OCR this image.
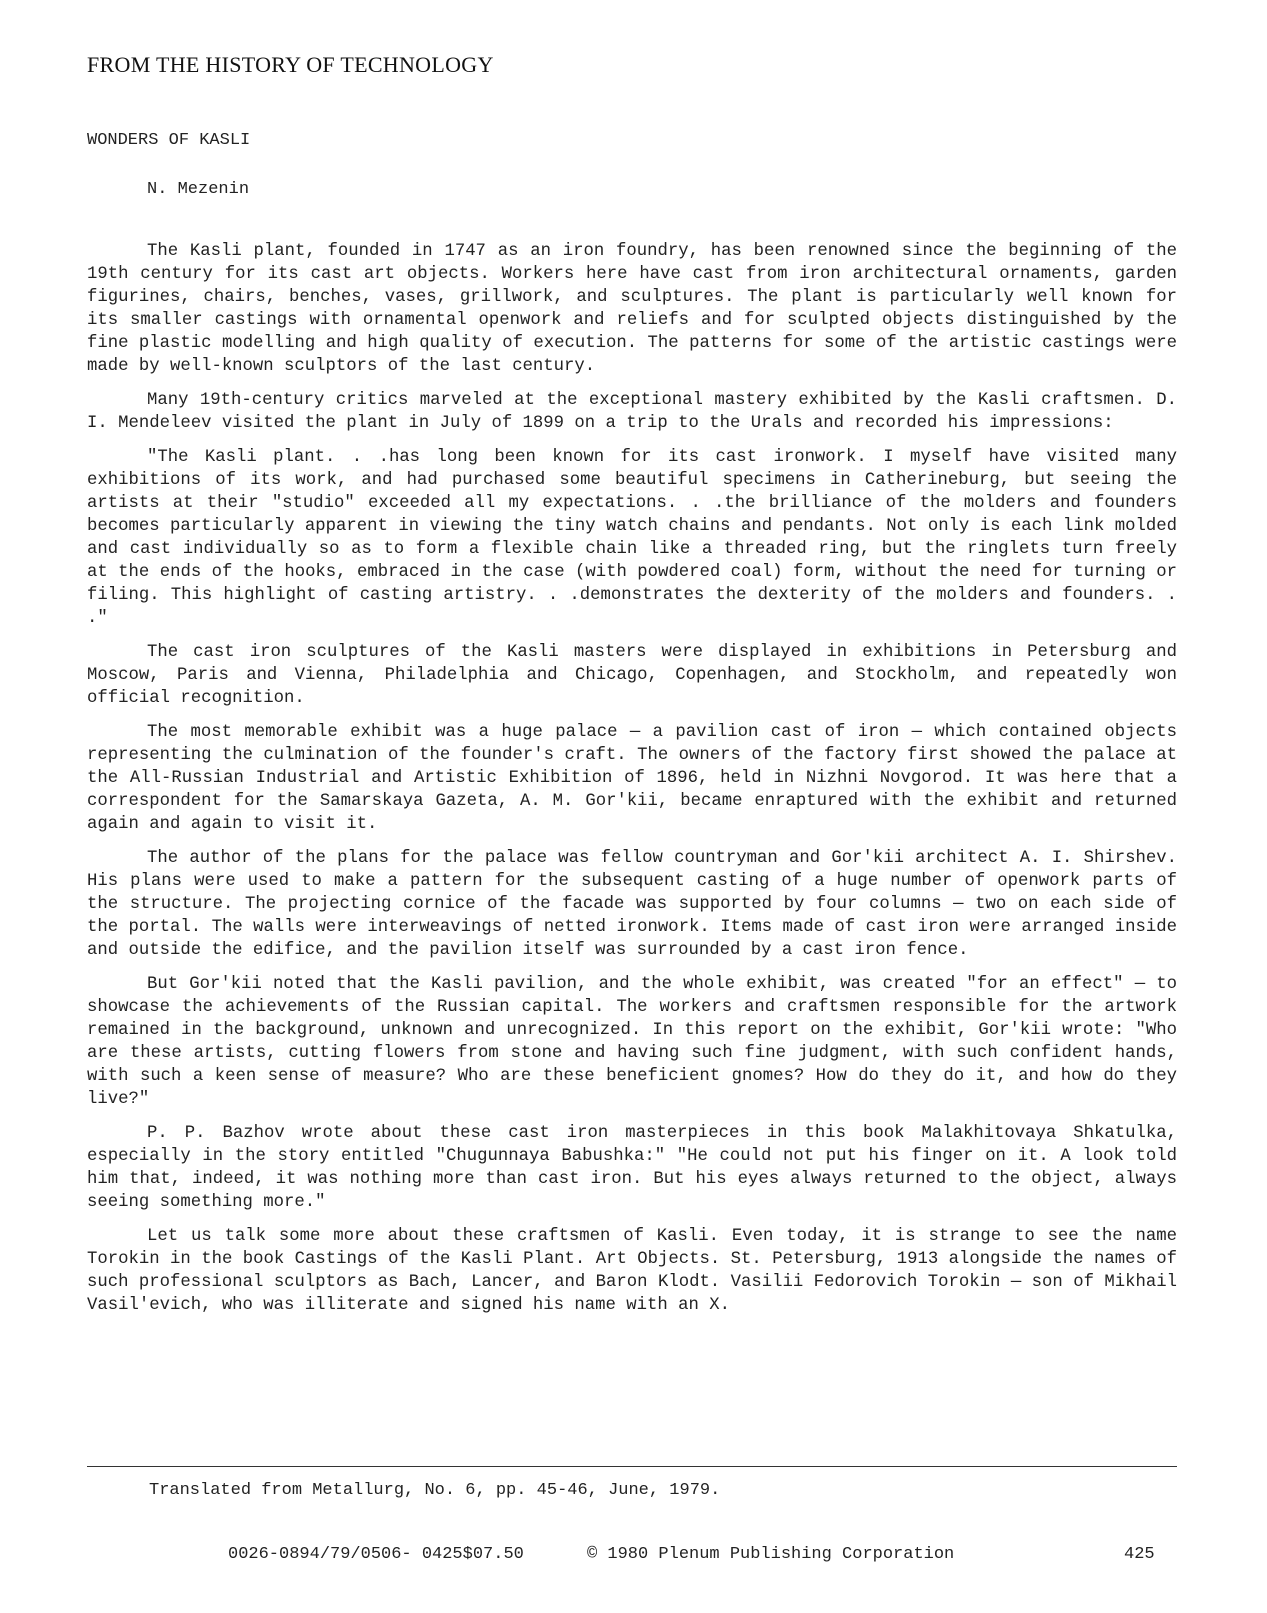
FROM THE HISTORY OF TECHNOLOGY
WONDERS OF KASLI
N. Mezenin

The Kasli plant, founded in 1747 as an iron foundry, has been renowned since the beginning of the 19th century for its cast art objects. Workers here have cast from iron architectural ornaments, garden figurines, chairs, benches, vases, grillwork, and sculptures. The plant is particularly well known for its smaller castings with ornamental openwork and reliefs and for sculpted objects distinguished by the fine plastic modelling and high quality of execution. The patterns for some of the artistic castings were made by well-known sculptors of the last century.

Many 19th-century critics marveled at the exceptional mastery exhibited by the Kasli craftsmen. D. I. Mendeleev visited the plant in July of 1899 on a trip to the Urals and recorded his impressions:

"The Kasli plant. . .has long been known for its cast ironwork. I myself have visited many exhibitions of its work, and had purchased some beautiful specimens in Catherineburg, but seeing the artists at their "studio" exceeded all my expectations. . .the brilliance of the molders and founders becomes particularly apparent in viewing the tiny watch chains and pendants. Not only is each link molded and cast individually so as to form a flexible chain like a threaded ring, but the ringlets turn freely at the ends of the hooks, embraced in the case (with powdered coal) form, without the need for turning or filing. This highlight of casting artistry. . .demonstrates the dexterity of the molders and founders. . ."

The cast iron sculptures of the Kasli masters were displayed in exhibitions in Petersburg and Moscow, Paris and Vienna, Philadelphia and Chicago, Copenhagen, and Stockholm, and repeatedly won official recognition.

The most memorable exhibit was a huge palace — a pavilion cast of iron — which contained objects representing the culmination of the founder's craft. The owners of the factory first showed the palace at the All-Russian Industrial and Artistic Exhibition of 1896, held in Nizhni Novgorod. It was here that a correspondent for the Samarskaya Gazeta, A. M. Gor'kii, became enraptured with the exhibit and returned again and again to visit it.

The author of the plans for the palace was fellow countryman and Gor'kii architect A. I. Shirshev. His plans were used to make a pattern for the subsequent casting of a huge number of openwork parts of the structure. The projecting cornice of the facade was supported by four columns — two on each side of the portal. The walls were interweavings of netted ironwork. Items made of cast iron were arranged inside and outside the edifice, and the pavilion itself was surrounded by a cast iron fence.

But Gor'kii noted that the Kasli pavilion, and the whole exhibit, was created "for an effect" — to showcase the achievements of the Russian capital. The workers and craftsmen responsible for the artwork remained in the background, unknown and unrecognized. In this report on the exhibit, Gor'kii wrote: "Who are these artists, cutting flowers from stone and having such fine judgment, with such confident hands, with such a keen sense of measure? Who are these beneficient gnomes? How do they do it, and how do they live?"

P. P. Bazhov wrote about these cast iron masterpieces in this book Malakhitovaya Shkatulka, especially in the story entitled "Chugunnaya Babushka:" "He could not put his finger on it. A look told him that, indeed, it was nothing more than cast iron. But his eyes always returned to the object, always seeing something more."

Let us talk some more about these craftsmen of Kasli. Even today, it is strange to see the name Torokin in the book Castings of the Kasli Plant. Art Objects. St. Petersburg, 1913 alongside the names of such professional sculptors as Bach, Lancer, and Baron Klodt. Vasilii Fedorovich Torokin — son of Mikhail Vasil'evich, who was illiterate and signed his name with an X.

Translated from Metallurg, No. 6, pp. 45-46, June, 1979.
0026-0894/79/0506- 0425$07.50	© 1980 Plenum Publishing Corporation	425
